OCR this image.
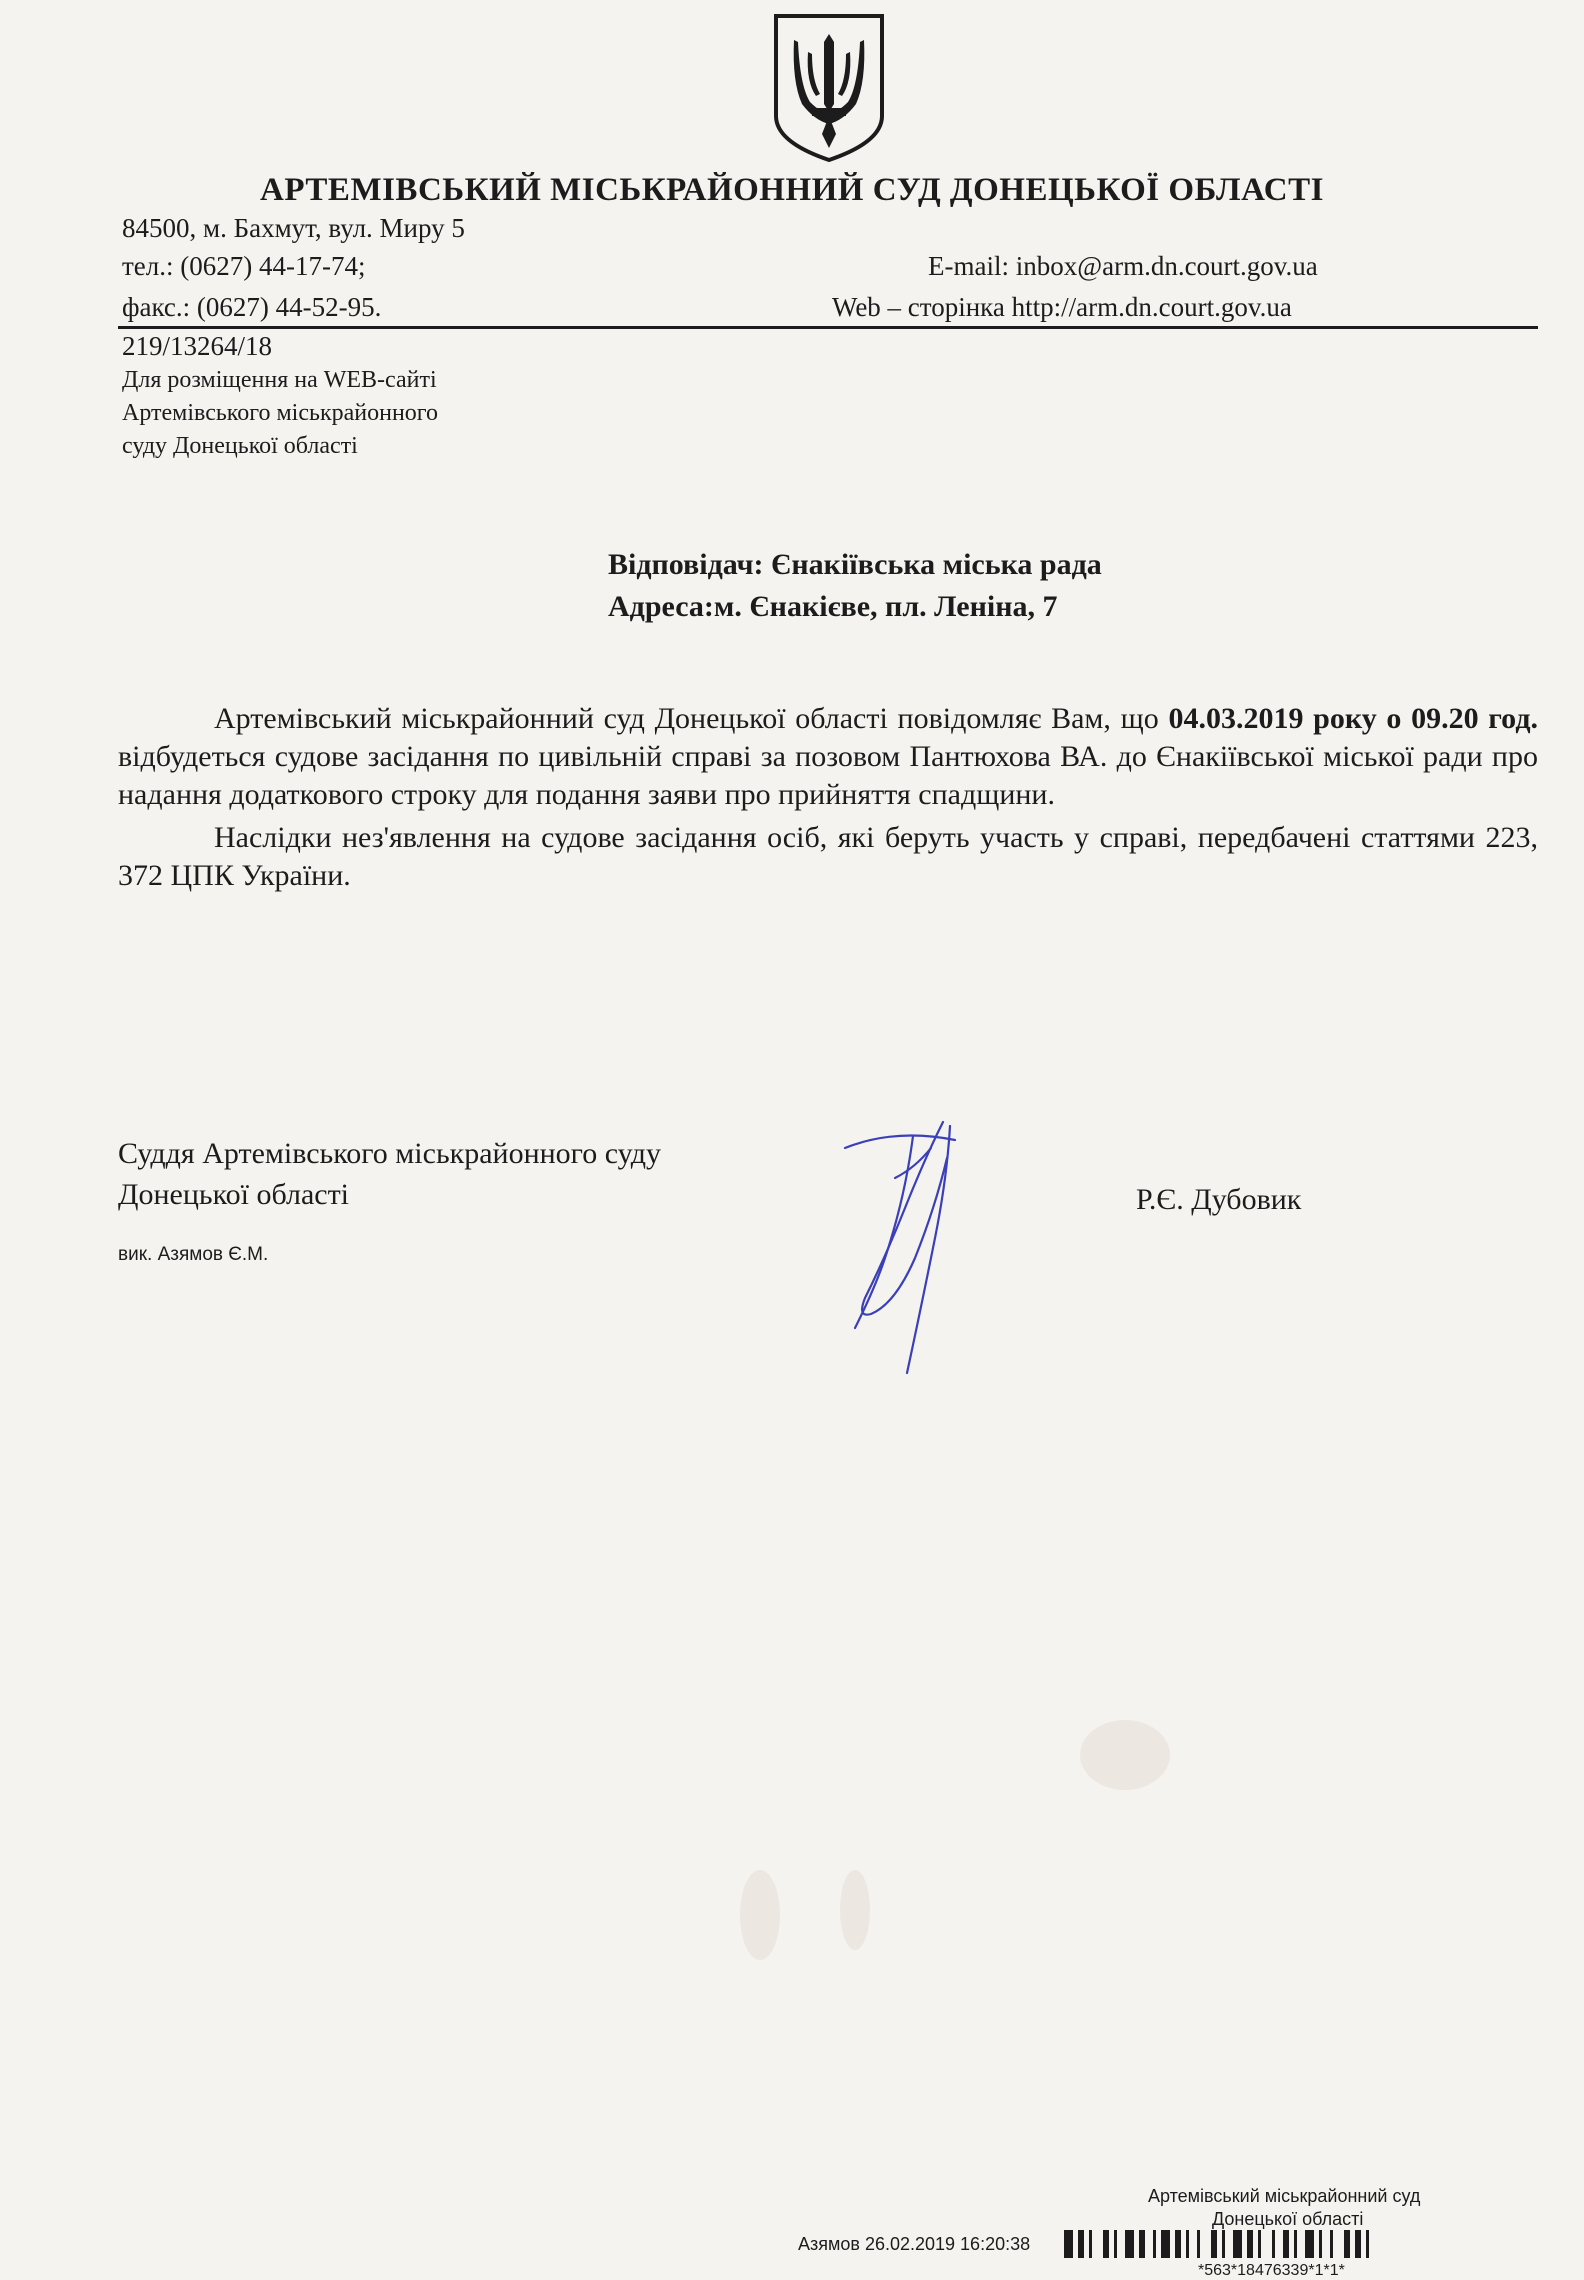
АРТЕМІВСЬКИЙ МІСЬКРАЙОННИЙ СУД ДОНЕЦЬКОЇ ОБЛАСТІ
84500, м. Бахмут, вул. Миру 5
тел.: (0627) 44-17-74;	E-mail: inbox@arm.dn.court.gov.ua
факс.: (0627) 44-52-95.	Web – сторінка http://arm.dn.court.gov.ua
219/13264/18
Для розміщення на WEB-сайті
Артемівського міськрайонного
суду Донецької області
Відповідач: Єнакіївська міська рада
Адреса:м. Єнакієве, пл. Леніна, 7

Артемівський міськрайонний суд Донецької області повідомляє Вам, що 04.03.2019 року о 09.20 год. відбудеться судове засідання по цивільній справі за позовом Пантюхова ВА. до Єнакіївської міської ради про надання додаткового строку для подання заяви про прийняття спадщини.

Наслідки нез'явлення на судове засідання осіб, які беруть участь у справі, передбачені статтями 223, 372 ЦПК України.

Суддя Артемівського міськрайонного суду
Донецької області	Р.Є. Дубовик
вик. Азямов Є.М.
Артемівський міськрайонний суд
Донецької області
Азямов 26.02.2019 16:20:38
*563*18476339*1*1*
